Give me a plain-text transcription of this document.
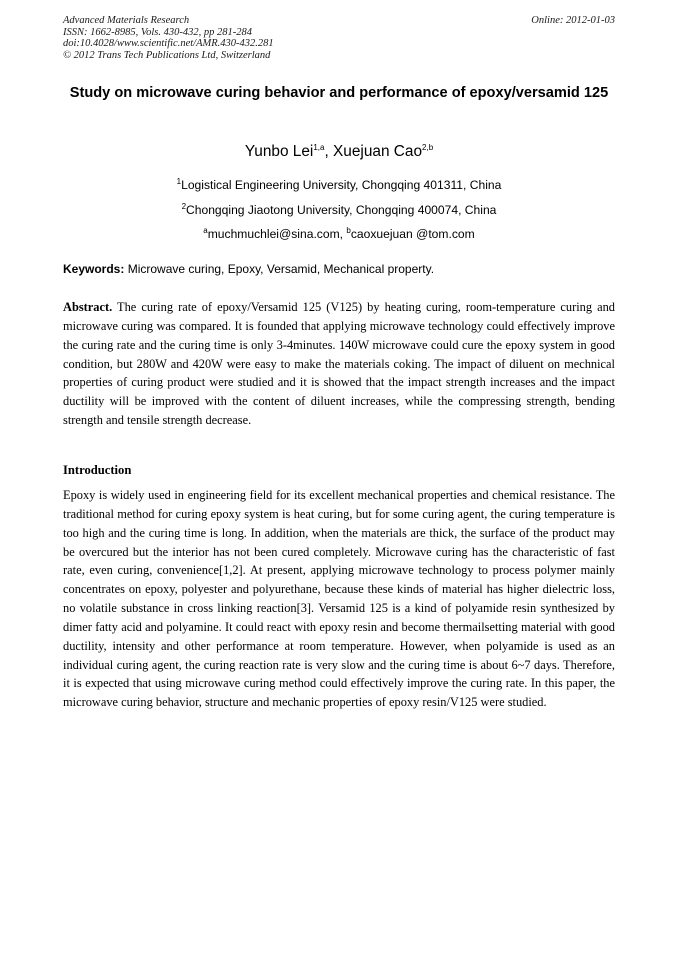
Advanced Materials Research
ISSN: 1662-8985, Vols. 430-432, pp 281-284
doi:10.4028/www.scientific.net/AMR.430-432.281
© 2012 Trans Tech Publications Ltd, Switzerland
Online: 2012-01-03
Study on microwave curing behavior and performance of epoxy/versamid 125
Yunbo Lei$^{1,a}$, Xuejuan Cao$^{2,b}$
$^1$Logistical Engineering University, Chongqing 401311, China
$^2$Chongqing Jiaotong University, Chongqing 400074, China
$^a$muchmuchlei@sina.com, $^b$caoxuejuan @tom.com
Keywords: Microwave curing, Epoxy, Versamid, Mechanical property.
Abstract. The curing rate of epoxy/Versamid 125 (V125) by heating curing, room-temperature curing and microwave curing was compared. It is founded that applying microwave technology could effectively improve the curing rate and the curing time is only 3-4minutes. 140W microwave could cure the epoxy system in good condition, but 280W and 420W were easy to make the materials coking. The impact of diluent on mechnical properties of curing product were studied and it is showed that the impact strength increases and the impact ductility will be improved with the content of diluent increases, while the compressing strength, bending strength and tensile strength decrease.
Introduction
Epoxy is widely used in engineering field for its excellent mechanical properties and chemical resistance. The traditional method for curing epoxy system is heat curing, but for some curing agent, the curing temperature is too high and the curing time is long. In addition, when the materials are thick, the surface of the product may be overcured but the interior has not been cured completely. Microwave curing has the characteristic of fast rate, even curing, convenience[1,2]. At present, applying microwave technology to process polymer mainly concentrates on epoxy, polyester and polyurethane, because these kinds of material has higher dielectric loss, no volatile substance in cross linking reaction[3]. Versamid 125 is a kind of polyamide resin synthesized by dimer fatty acid and polyamine. It could react with epoxy resin and become thermailsetting material with good ductility, intensity and other performance at room temperature. However, when polyamide is used as an individual curing agent, the curing reaction rate is very slow and the curing time is about 6~7 days. Therefore, it is expected that using microwave curing method could effectively improve the curing rate. In this paper, the microwave curing behavior, structure and mechanic properties of epoxy resin/V125 were studied.
